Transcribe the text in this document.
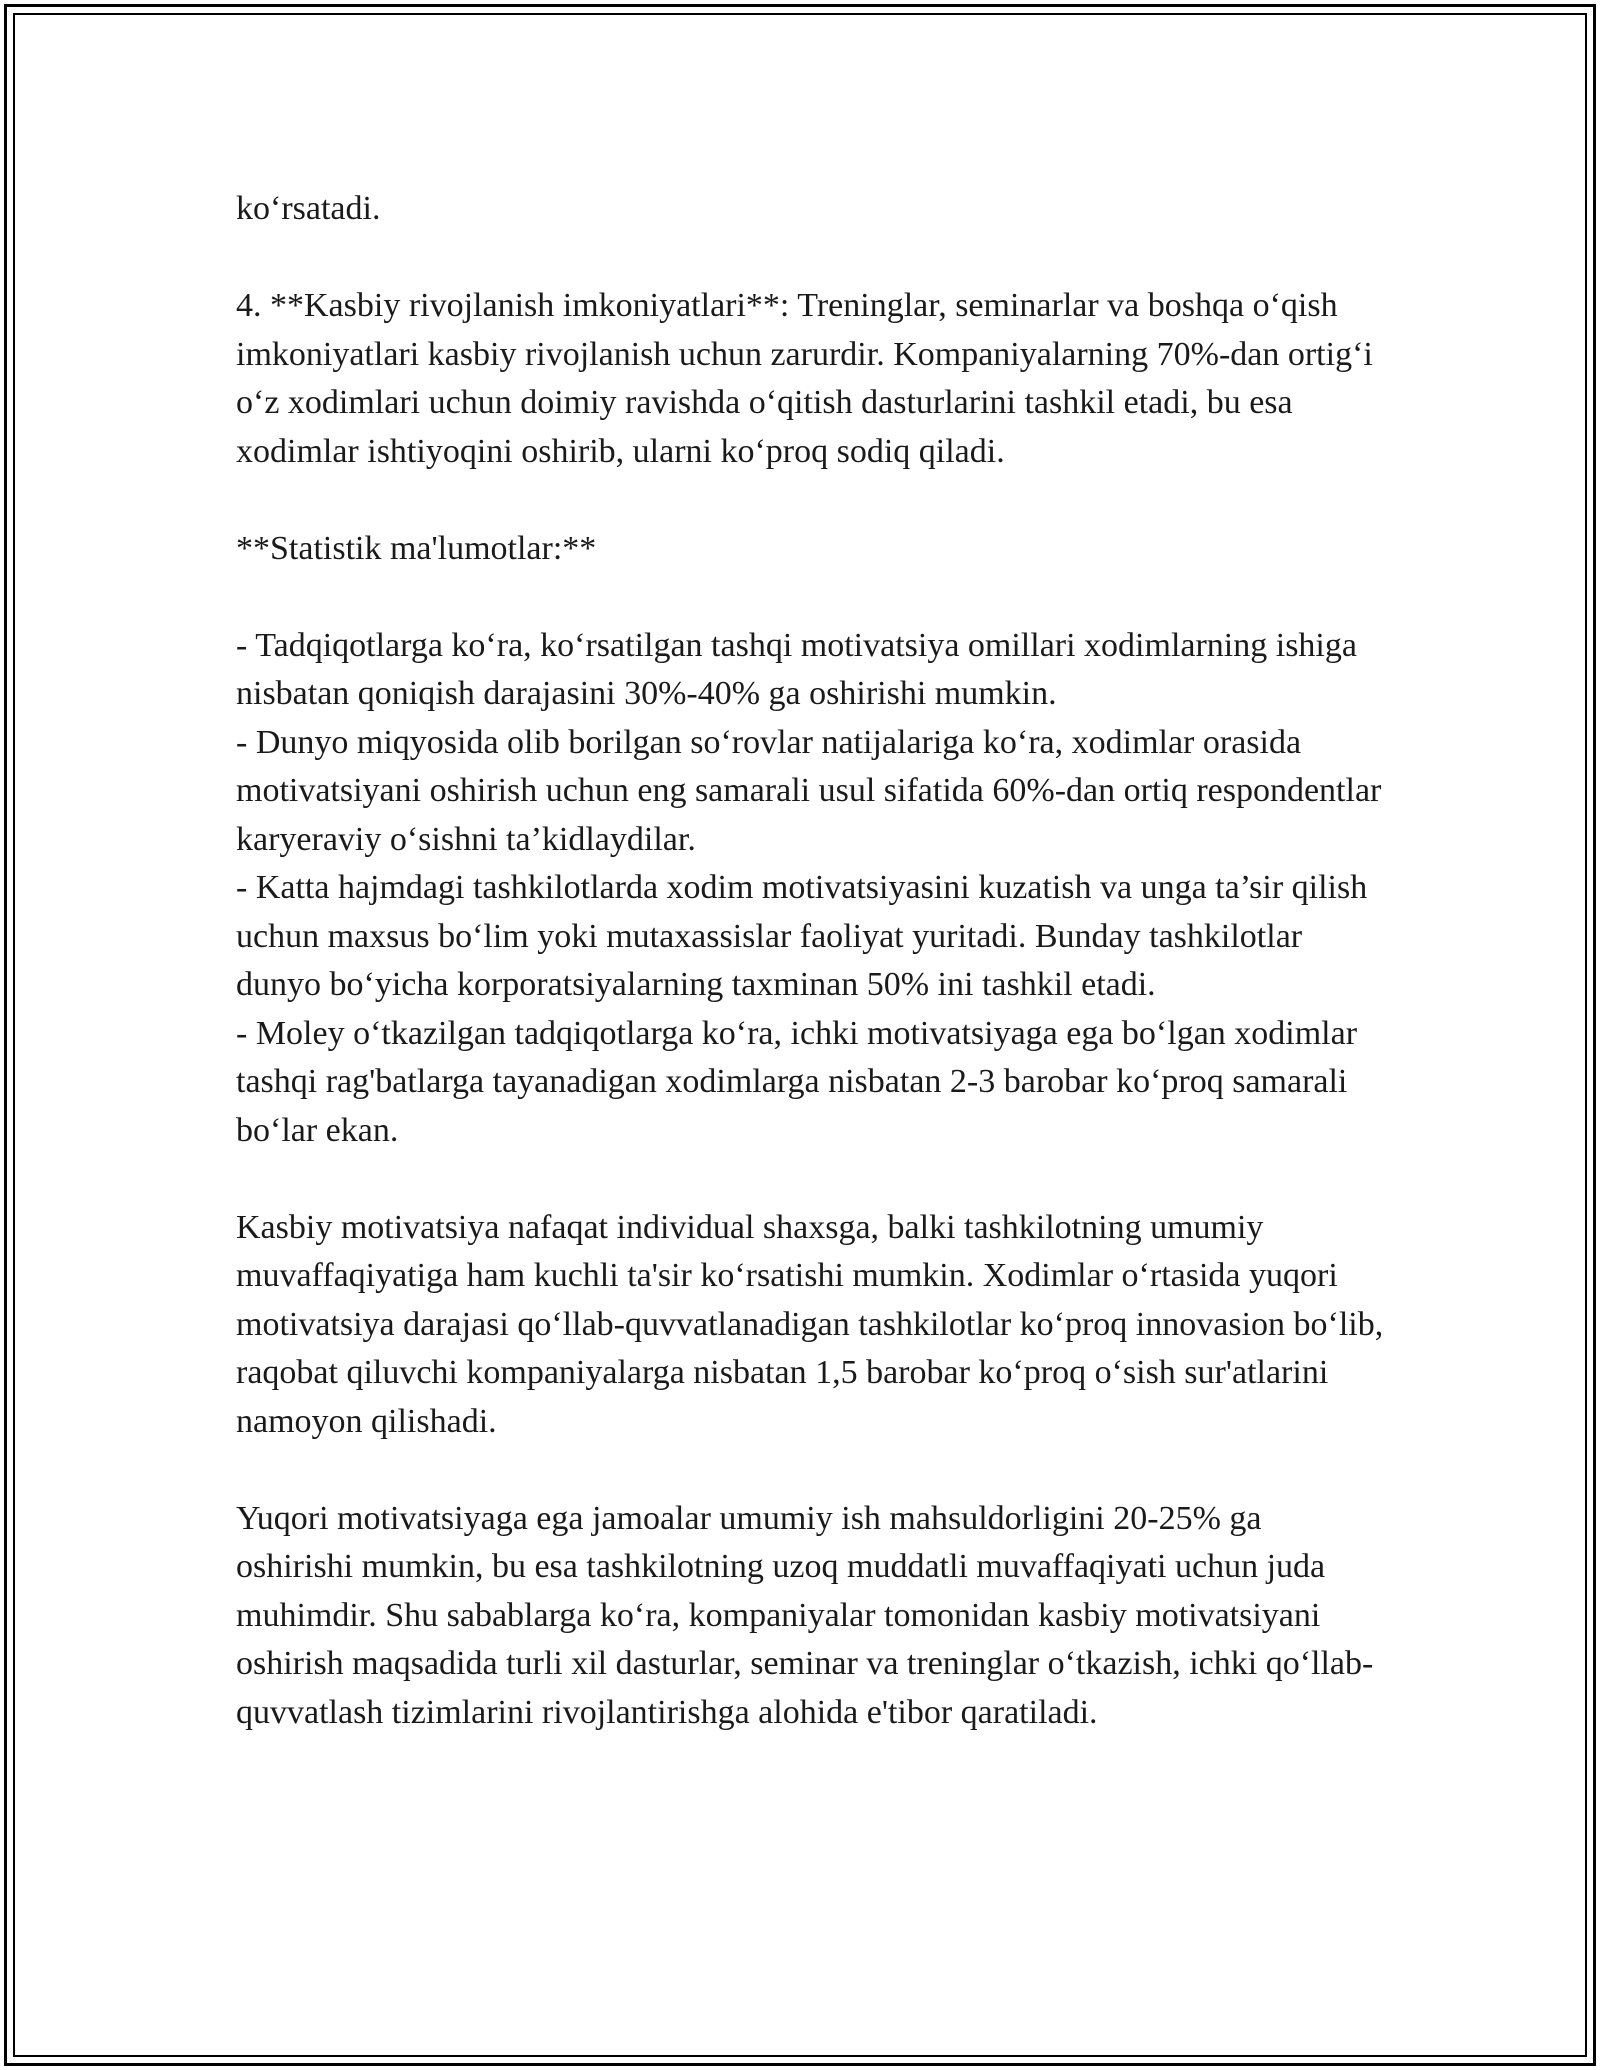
ko‘rsatadi.

4. **Kasbiy rivojlanish imkoniyatlari**: Treninglar, seminarlar va boshqa o‘qish imkoniyatlari kasbiy rivojlanish uchun zarurdir. Kompaniyalarning 70%-dan ortig‘i o‘z xodimlari uchun doimiy ravishda o‘qitish dasturlarini tashkil etadi, bu esa xodimlar ishtiyoqini oshirib, ularni ko‘proq sodiq qiladi.

**Statistik ma'lumotlar:**

- Tadqiqotlarga ko‘ra, ko‘rsatilgan tashqi motivatsiya omillari xodimlarning ishiga nisbatan qoniqish darajasini 30%-40% ga oshirishi mumkin.

- Dunyo miqyosida olib borilgan so‘rovlar natijalariga ko‘ra, xodimlar orasida motivatsiyani oshirish uchun eng samarali usul sifatida 60%-dan ortiq respondentlar karyeraviy o‘sishni ta’kidlaydilar.

- Katta hajmdagi tashkilotlarda xodim motivatsiyasini kuzatish va unga ta’sir qilish uchun maxsus bo‘lim yoki mutaxassislar faoliyat yuritadi. Bunday tashkilotlar dunyo bo‘yicha korporatsiyalarning taxminan 50% ini tashkil etadi.

- Moley o‘tkazilgan tadqiqotlarga ko‘ra, ichki motivatsiyaga ega bo‘lgan xodimlar tashqi rag'batlarga tayanadigan xodimlarga nisbatan 2-3 barobar ko‘proq samarali bo‘lar ekan.

Kasbiy motivatsiya nafaqat individual shaxsga, balki tashkilotning umumiy muvaffaqiyatiga ham kuchli ta'sir ko‘rsatishi mumkin. Xodimlar o‘rtasida yuqori motivatsiya darajasi qo‘llab-quvvatlanadigan tashkilotlar ko‘proq innovasion bo‘lib, raqobat qiluvchi kompaniyalarga nisbatan 1,5 barobar ko‘proq o‘sish sur'atlarini namoyon qilishadi.

Yuqori motivatsiyaga ega jamoalar umumiy ish mahsuldorligini 20-25% ga oshirishi mumkin, bu esa tashkilotning uzoq muddatli muvaffaqiyati uchun juda muhimdir. Shu sabablarga ko‘ra, kompaniyalar tomonidan kasbiy motivatsiyani oshirish maqsadida turli xil dasturlar, seminar va treninglar o‘tkazish, ichki qo‘llab-quvvatlash tizimlarini rivojlantirishga alohida e'tibor qaratiladi.
